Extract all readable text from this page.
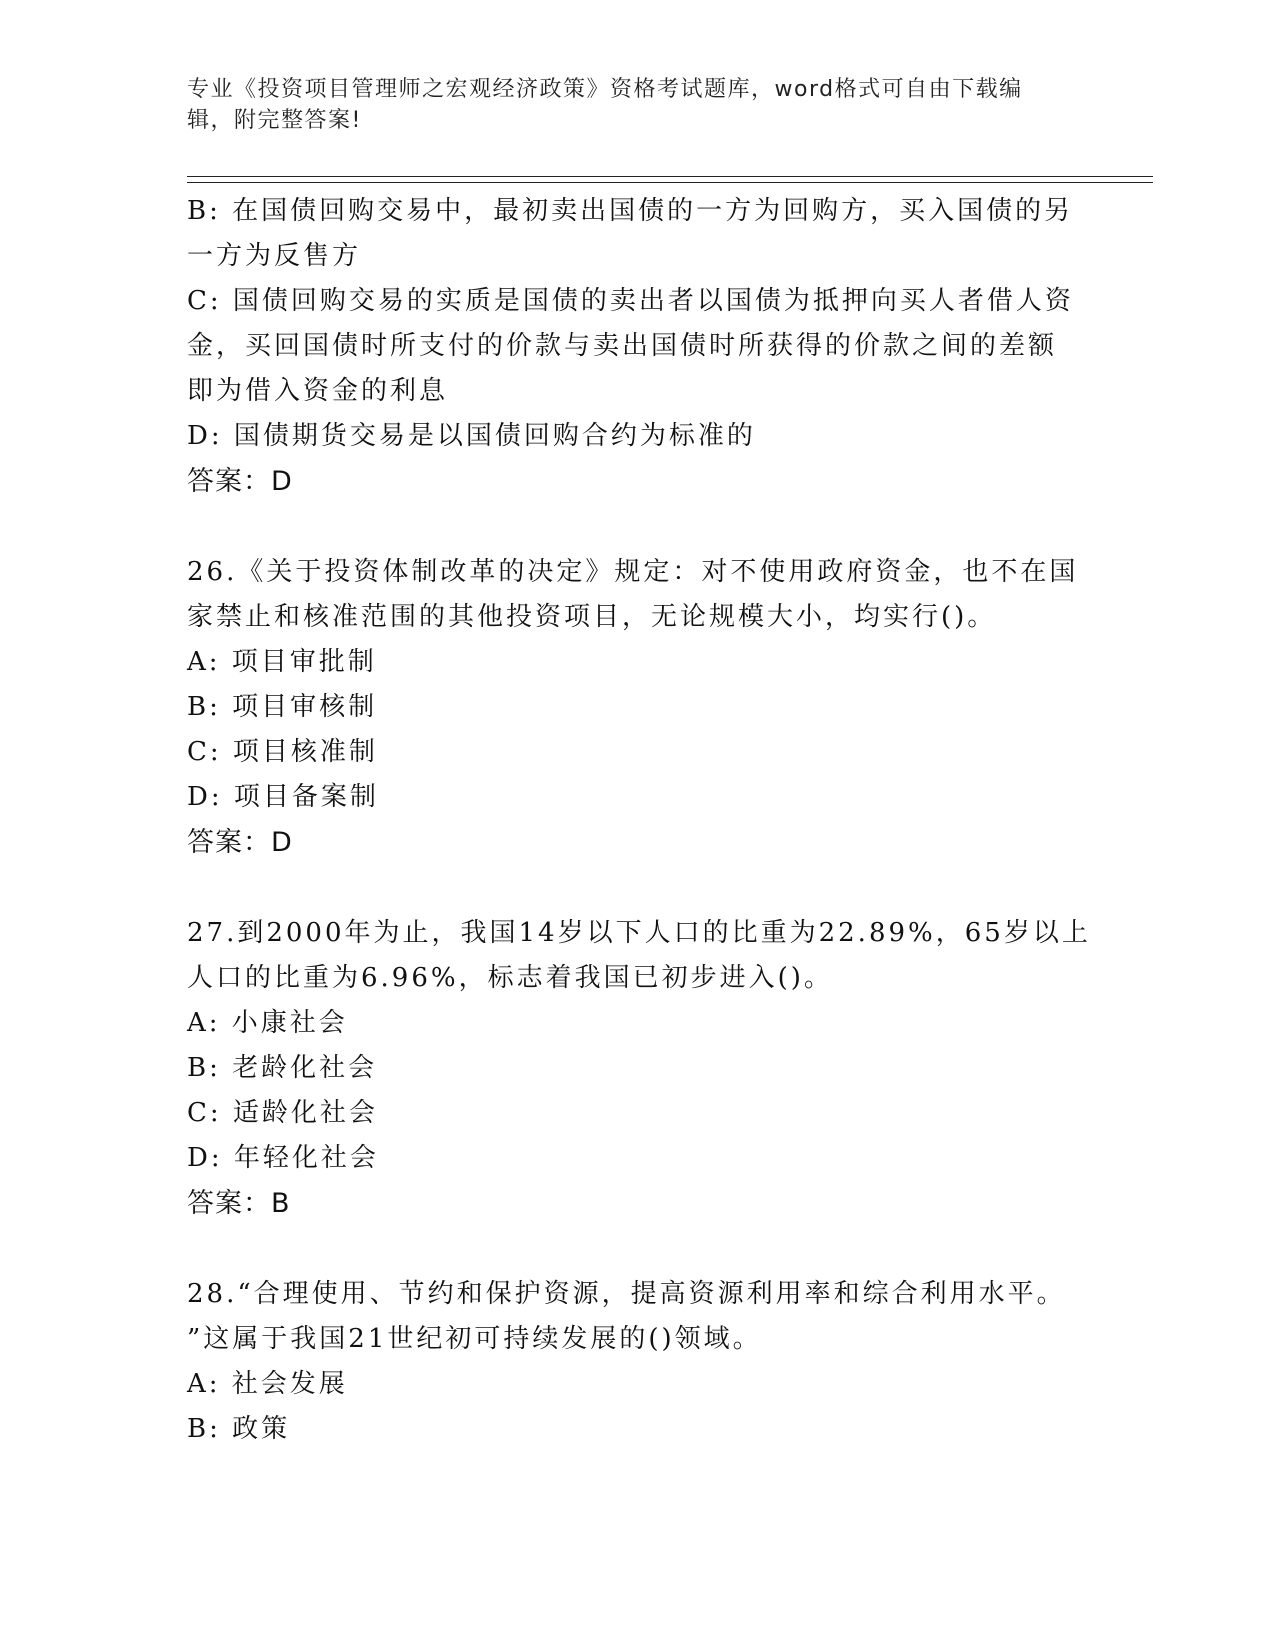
专业《投资项目管理师之宏观经济政策》资格考试题库，word格式可自由下载编
辑，附完整答案!
B: 在国债回购交易中，最初卖出国债的一方为回购方，买入国债的另
一方为反售方
C: 国债回购交易的实质是国债的卖出者以国债为抵押向买人者借人资
金，买回国债时所支付的价款与卖出国债时所获得的价款之间的差额
即为借入资金的利息
D: 国债期货交易是以国债回购合约为标准的
答案：D
26.《关于投资体制改革的决定》规定：对不使用政府资金，也不在国
家禁止和核准范围的其他投资项目，无论规模大小，均实行()。
A: 项目审批制
B: 项目审核制
C: 项目核准制
D: 项目备案制
答案：D
27.到2000年为止，我国14岁以下人口的比重为22.89%，65岁以上
人口的比重为6.96%，标志着我国已初步进入()。
A: 小康社会
B: 老龄化社会
C: 适龄化社会
D: 年轻化社会
答案：B
28.“合理使用、节约和保护资源，提高资源利用率和综合利用水平。
”这属于我国21世纪初可持续发展的()领域。
A: 社会发展
B: 政策
